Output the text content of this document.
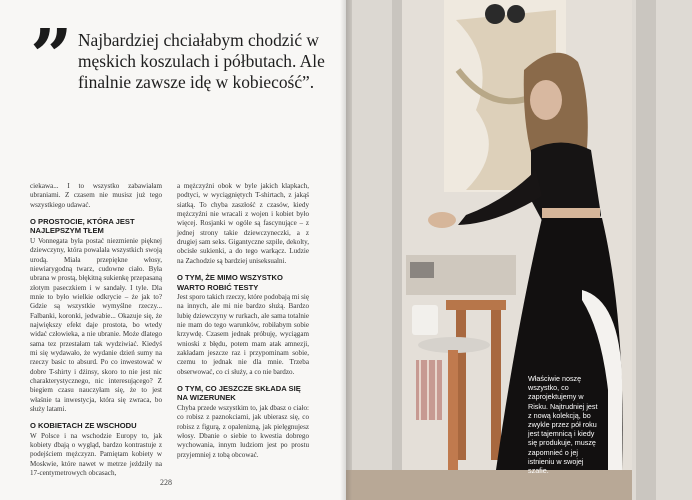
” Najbardziej chciałabym chodzić w męskich koszulach i półbutach. Ale finalnie zawsze idę w kobiecość”.

ciekawa... I to wszystko zabawiałam ubraniami. Z czasem nie musisz już tego wszystkiego udawać.

O PROSTOCIE, KTÓRA JEST NAJLEPSZYM TŁEM

U Vonnegata była postać niezmienie pięknej dziewczyny, która powalała wszystkich swoją urodą. Miała przepiękne włosy, niewiarygodną twarz, cudowne ciało. Była ubrana w prostą, błękitną sukienkę przepasaną złotym paseczkiem i w sandały. I tyle. Dla mnie to było wielkie odkrycie – że jak to? Gdzie są wszystkie wymyślne rzeczy... Falbanki, koronki, jedwabie... Okazuje się, że największy efekt daje prostota, bo wtedy widać człowieka, a nie ubranie. Może dlatego sama tez przestałam tak wydziwiać. Kiedyś mi się wydawało, że wydanie dzień sumy na rzeczy basic to absurd. Po co inwestować w dobre T-shirty i dżinsy, skoro to nie jest nic charakterystycznego, nic interesującego? Z biegiem czasu nauczyłam się, że to jest właśnie ta inwestycja, która się zwraca, bo służy latami.

O KOBIETACH ZE WSCHODU

W Polsce i na wschodzie Europy to, jak kobiety dbają o wygląd, bardzo kontrastuje z podejściem mężczyzn. Pamiętam kobiety w Moskwie, które nawet w metrze jeździły na 17-centymetrowych obcasach,

a mężczyźni obok w byle jakich klapkach, podtyci, w wyciągniętych T-shirtach, z jakąś siatką. To chyba zaszłość z czasów, kiedy mężczyźni nie wracali z wojen i kobiet było więcej. Rosjanki w ogóle są fascynujące – z jednej strony takie dziewczyneczki, a z drugiej sam seks. Gigantyczne szpile, dekolty, obcisłe sukienki, a do tego warkącz. Ludzie na Zachodzie są bardziej uniseksualni.

O TYM, ŻE MIMO WSZYSTKO WARTO ROBIĆ TESTY

Jest sporo takich rzeczy, które podobają mi się na innych, ale mi nie bardzo służą. Bardzo lubię dziewczyny w rurkach, ale sama totalnie nie mam do tego warunków, robiłabym sobie krzywdę. Czasem jednak próbuję, wyciągam wnioski z błędu, potem mam atak amnezji, zakładam jeszcze raz i przypominam sobie, czemu to jednak nie dla mnie. Trzeba obserwować, co ci służy, a co nie bardzo.

O TYM, CO JESZCZE SKŁADA SIĘ NA WIZERUNEK

Chyba przede wszystkim to, jak dbasz o ciało: co robisz z paznokciami, jak ubierasz się, co robisz z figurą, z opalenizną, jak pielęgnujesz włosy. Dbanie o siebie to kwestia dobrego wychowania, innym ludziom jest po prostu przyjemniej z tobą obcować.

228
Właściwie noszę wszystko, co zaprojektujemy w Risku. Najtrudniej jest z nową kolekcją, bo zwykle przez pół roku jest tajemnicą i kiedy się produkuje, muszę zapomnieć o jej istnieniu w swojej szafie.
